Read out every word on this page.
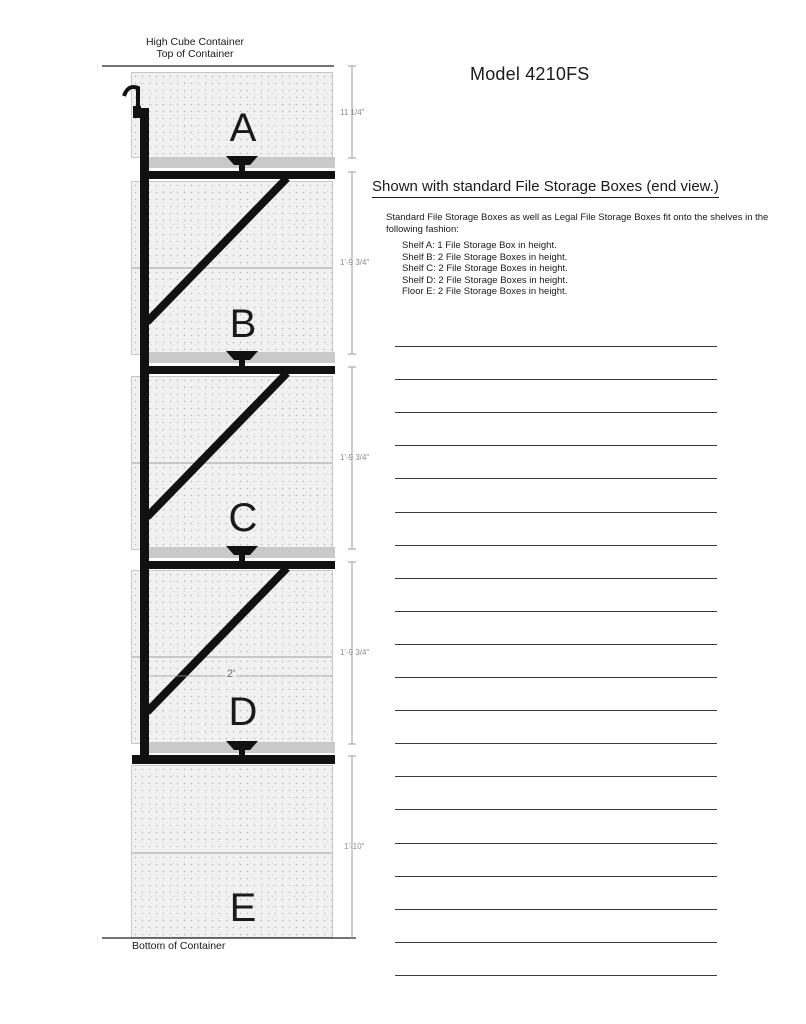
High Cube Container
Top of Container
Model 4210FS
A
B
C
D
E
11 1/4"
1'-9 3/4"
1'-9 3/4"
1'-9 3/4"
1'-10"
2'
Bottom of Container
Shown with standard File Storage Boxes (end view.)
Standard File Storage Boxes as well as Legal File Storage Boxes fit onto the shelves in the following fashion:
Shelf A: 1 File Storage Box in height.
Shelf B: 2 File Storage Boxes in height.
Shelf C: 2 File Storage Boxes in height.
Shelf D: 2 File Storage Boxes in height.
Floor E: 2 File Storage Boxes in height.
